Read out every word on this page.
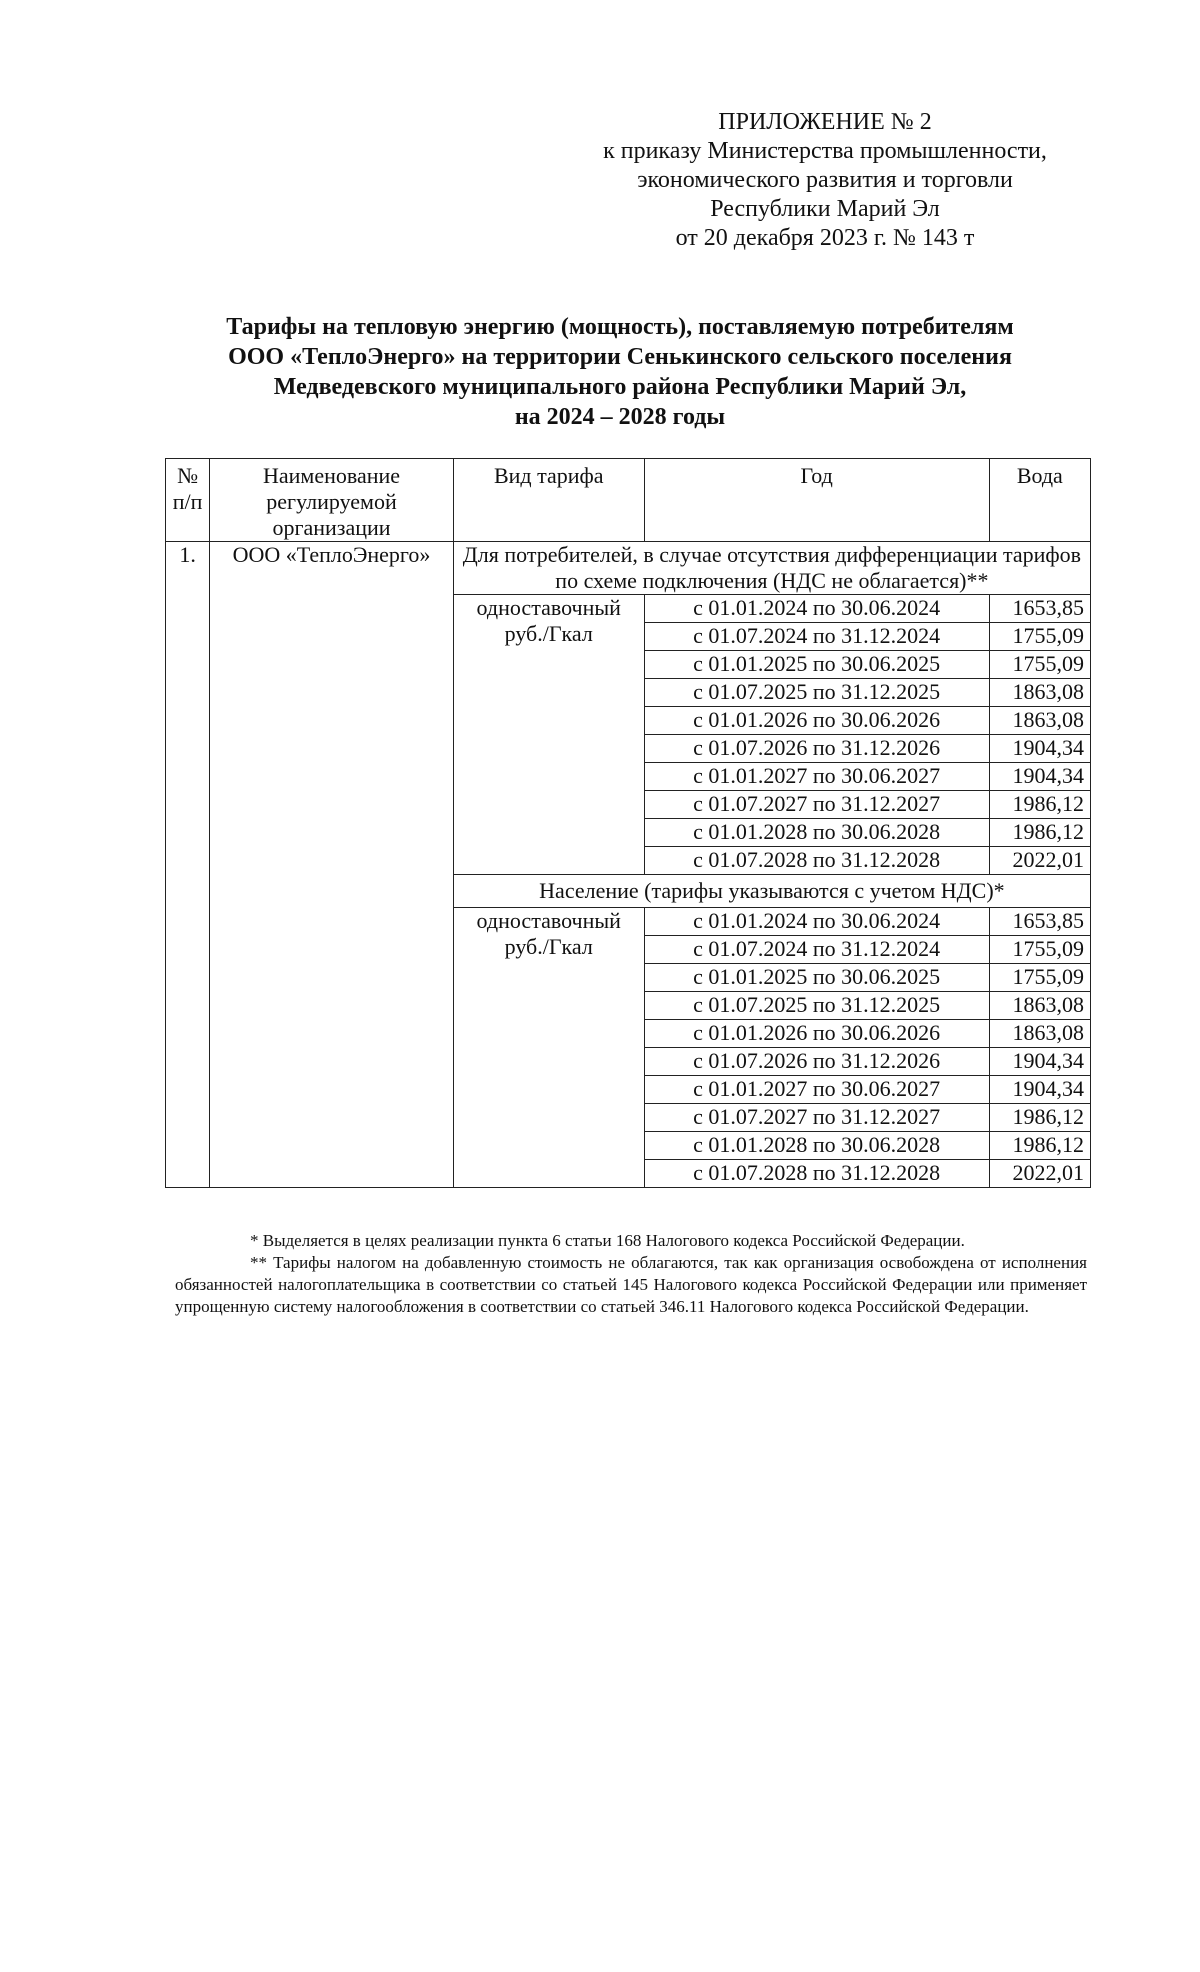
ПРИЛОЖЕНИЕ № 2
к приказу Министерства промышленности,
экономического развития и торговли
Республики Марий Эл
от 20 декабря 2023 г. № 143 т
Тарифы на тепловую энергию (мощность), поставляемую потребителям
ООО «ТеплоЭнерго» на территории Сенькинского сельского поселения
Медведевского муниципального района Республики Марий Эл,
на 2024 – 2028 годы
№ п/п	Наименование регулируемой организации	Вид тарифа	Год	Вода
1.	ООО «ТеплоЭнерго»	Для потребителей, в случае отсутствия дифференциации тарифов по схеме подключения (НДС не облагается)**		
		одноставочный руб./Гкал	с 01.01.2024 по 30.06.2024	1653,85
			с 01.07.2024 по 31.12.2024	1755,09
			с 01.01.2025 по 30.06.2025	1755,09
			с 01.07.2025 по 31.12.2025	1863,08
			с 01.01.2026 по 30.06.2026	1863,08
			с 01.07.2026 по 31.12.2026	1904,34
			с 01.01.2027 по 30.06.2027	1904,34
			с 01.07.2027 по 31.12.2027	1986,12
			с 01.01.2028 по 30.06.2028	1986,12
			с 01.07.2028 по 31.12.2028	2022,01
		Население (тарифы указываются с учетом НДС)*		
		одноставочный руб./Гкал	с 01.01.2024 по 30.06.2024	1653,85
			с 01.07.2024 по 31.12.2024	1755,09
			с 01.01.2025 по 30.06.2025	1755,09
			с 01.07.2025 по 31.12.2025	1863,08
			с 01.01.2026 по 30.06.2026	1863,08
			с 01.07.2026 по 31.12.2026	1904,34
			с 01.01.2027 по 30.06.2027	1904,34
			с 01.07.2027 по 31.12.2027	1986,12
			с 01.01.2028 по 30.06.2028	1986,12
			с 01.07.2028 по 31.12.2028	2022,01

* Выделяется в целях реализации пункта 6 статьи 168 Налогового кодекса Российской Федерации.

** Тарифы налогом на добавленную стоимость не облагаются, так как организация освобождена от исполнения обязанностей налогоплательщика в соответствии со статьей 145 Налогового кодекса Российской Федерации или применяет упрощенную систему налогообложения в соответствии со статьей 346.11 Налогового кодекса Российской Федерации.
